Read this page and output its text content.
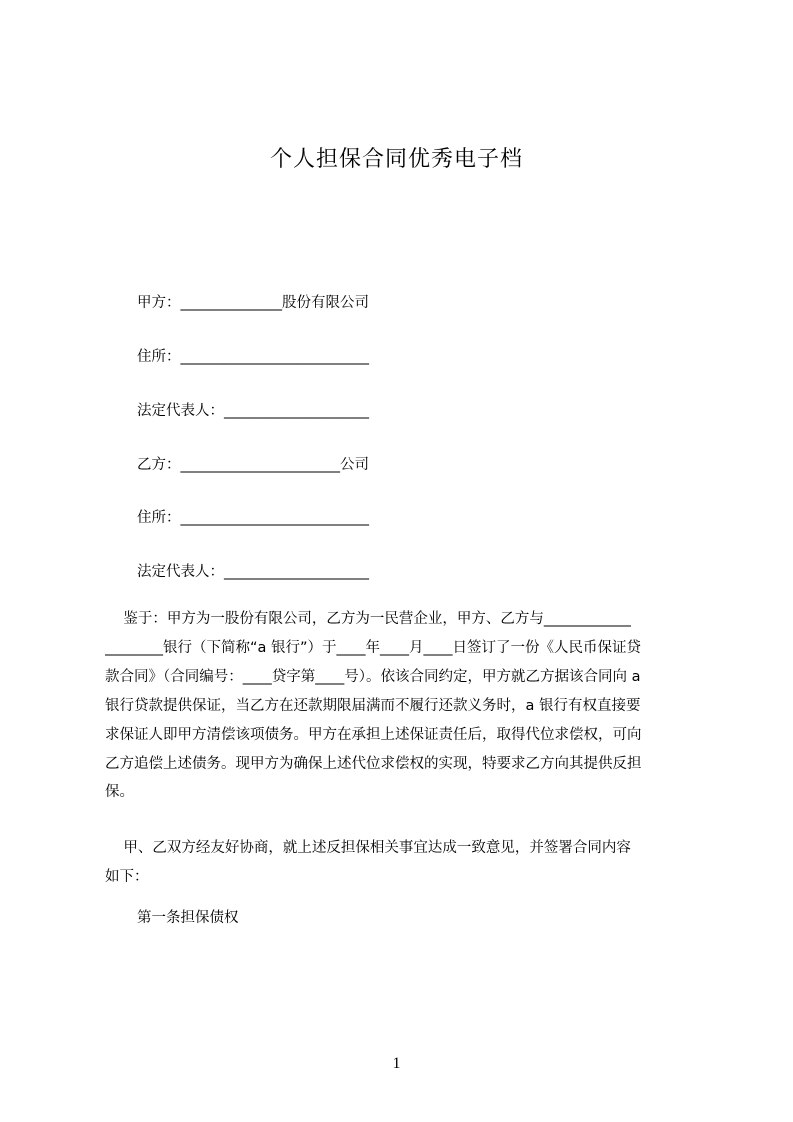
个人担保合同优秀电子档
甲方：______________股份有限公司
住所：__________________________
法定代表人：____________________
乙方：______________________公司
住所：__________________________
法定代表人：____________________
鉴于：甲方为一股份有限公司，乙方为一民营企业，甲方、乙方与____________
________银行（下简称“a 银行”）于____年____月____日签订了一份《人民币保证贷
款合同》（合同编号：____贷字第____号）。依该合同约定，甲方就乙方据该合同向 a
银行贷款提供保证，当乙方在还款期限届满而不履行还款义务时，a 银行有权直接要
求保证人即甲方清偿该项债务。甲方在承担上述保证责任后，取得代位求偿权，可向
乙方追偿上述债务。现甲方为确保上述代位求偿权的实现，特要求乙方向其提供反担
保。
甲、乙双方经友好协商，就上述反担保相关事宜达成一致意见，并签署合同内容
如下：
第一条担保债权
1
